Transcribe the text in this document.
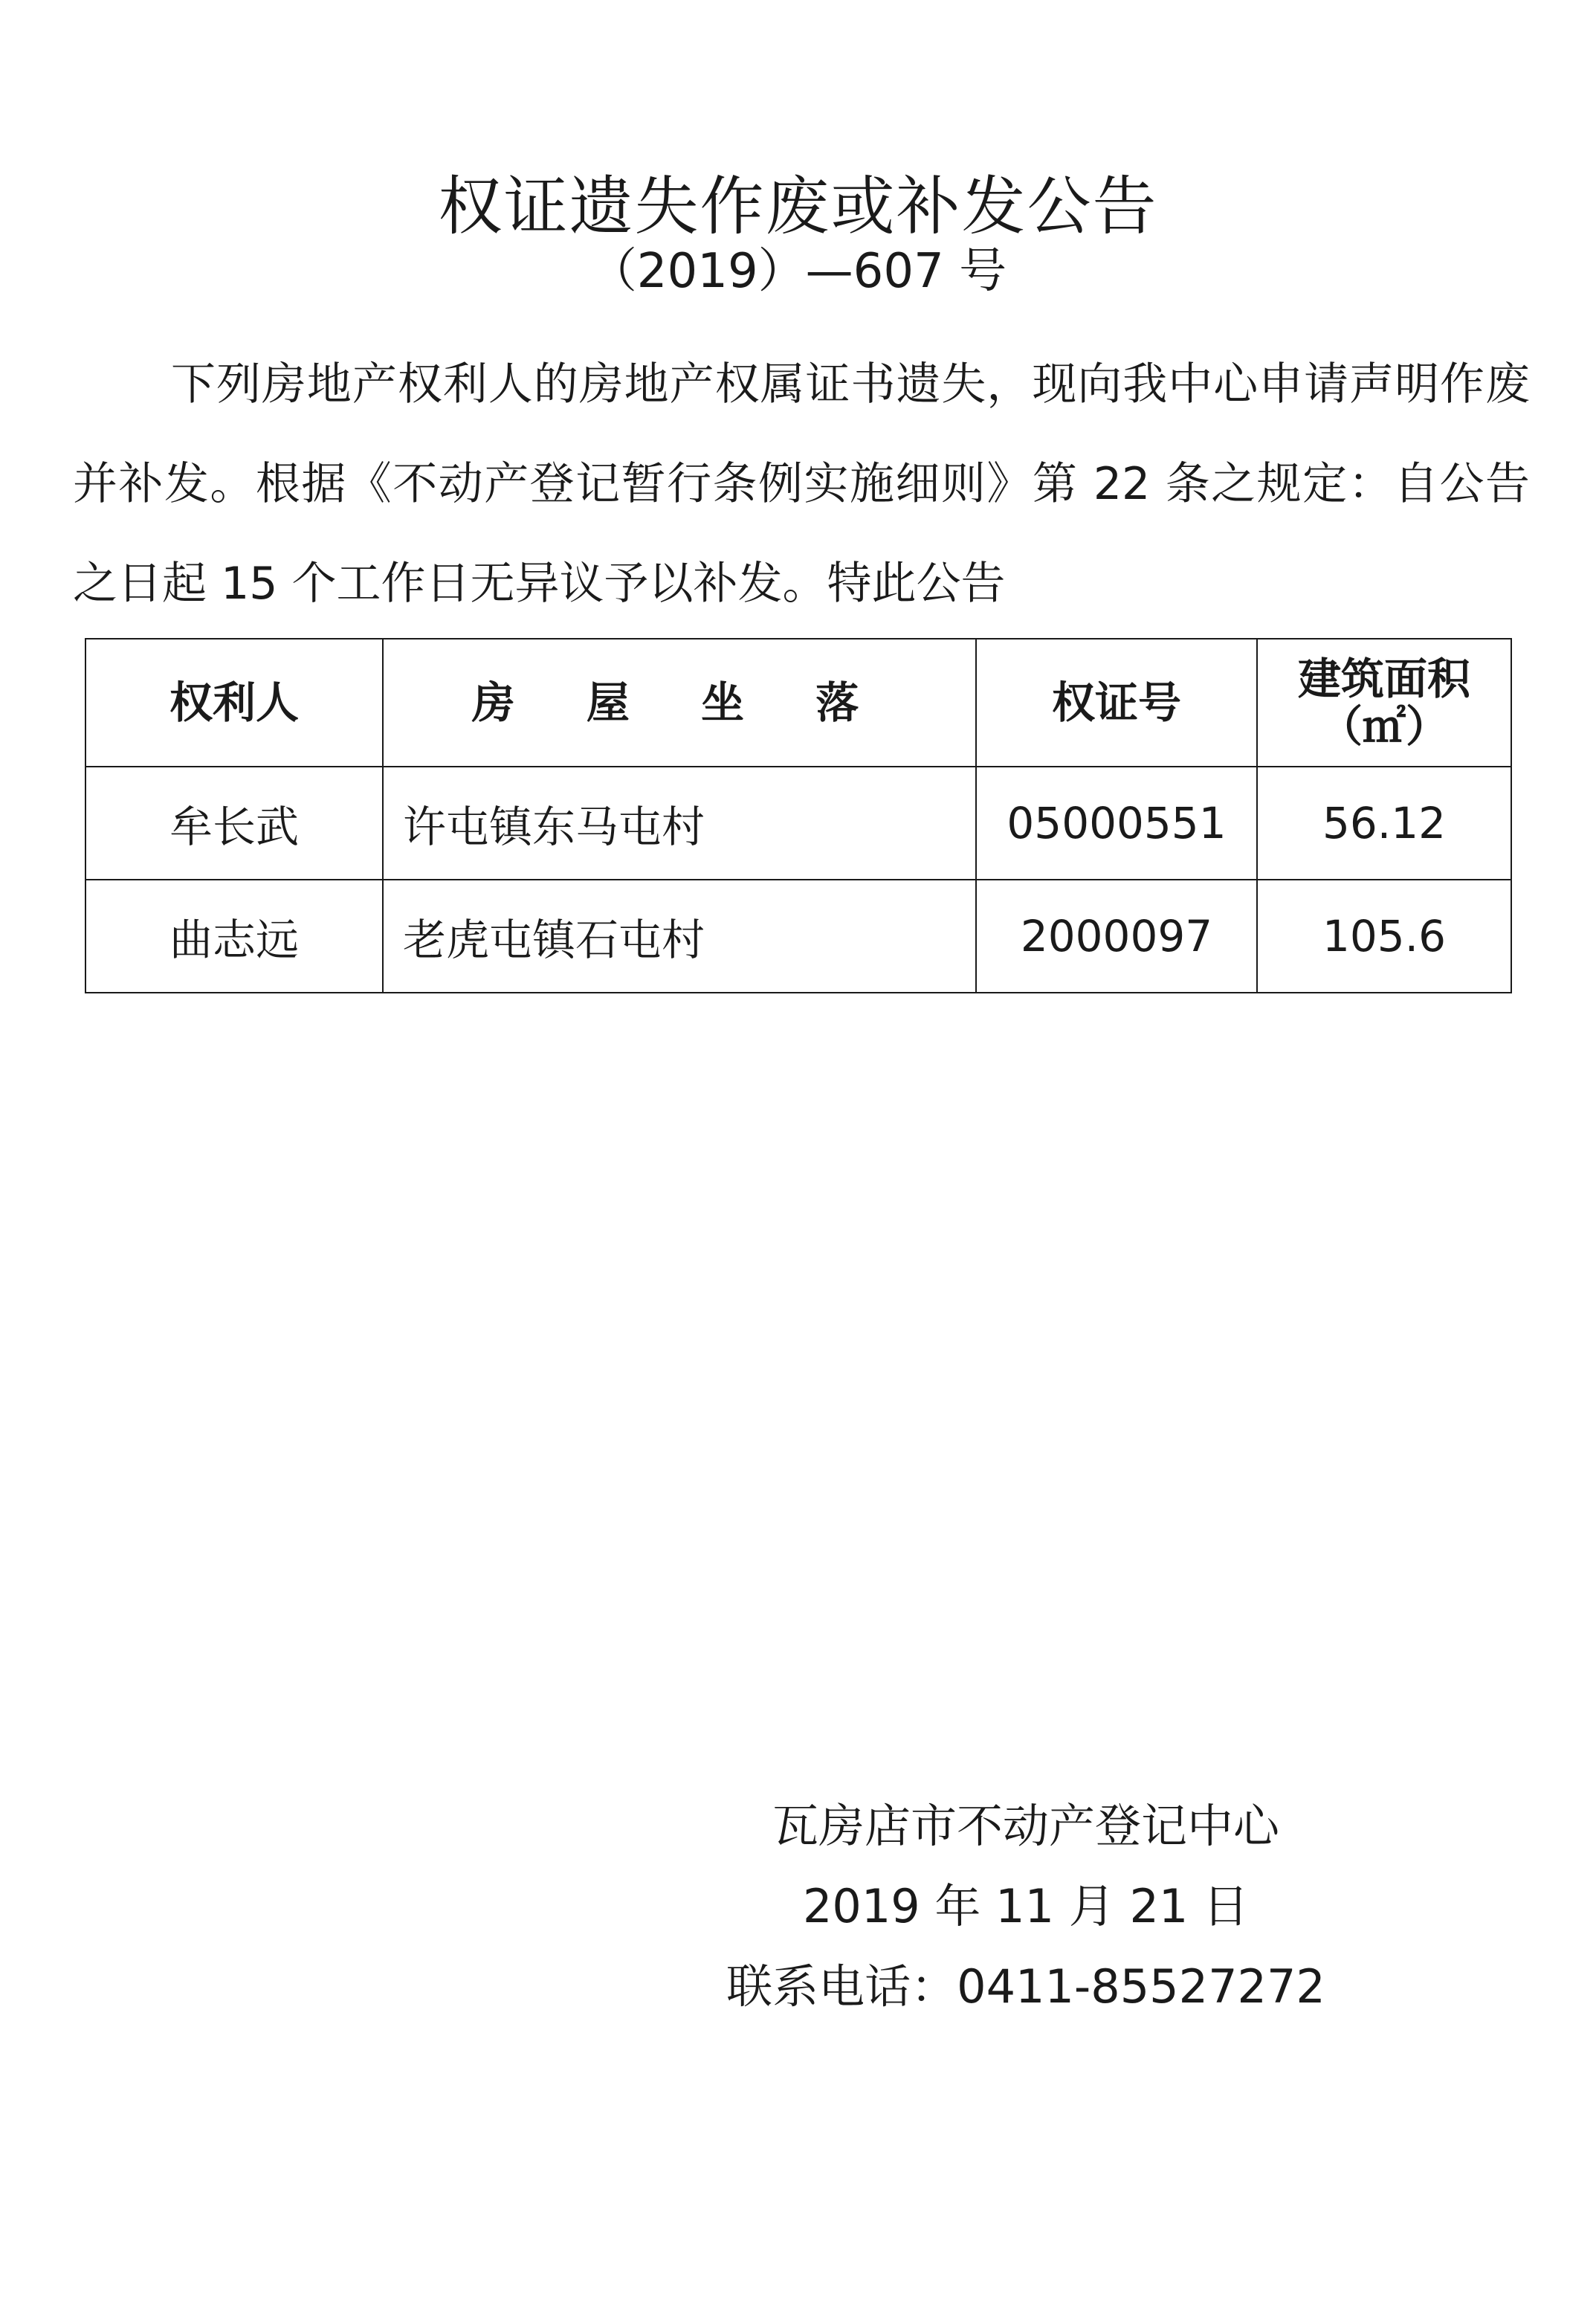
权证遗失作废或补发公告
（2019）—607 号

下列房地产权利人的房地产权属证书遗失，现向我中心申请声明作废并补发。根据《不动产登记暂行条例实施细则》第 22 条之规定：自公告之日起 15 个工作日无异议予以补发。特此公告

权利人	房 屋 坐 落	权证号	建筑面积
（㎡）

牟长武	许屯镇东马屯村	05000551	56.12
曲志远	老虎屯镇石屯村	2000097	105.6
瓦房店市不动产登记中心
2019 年 11 月 21 日
联系电话：0411-85527272
